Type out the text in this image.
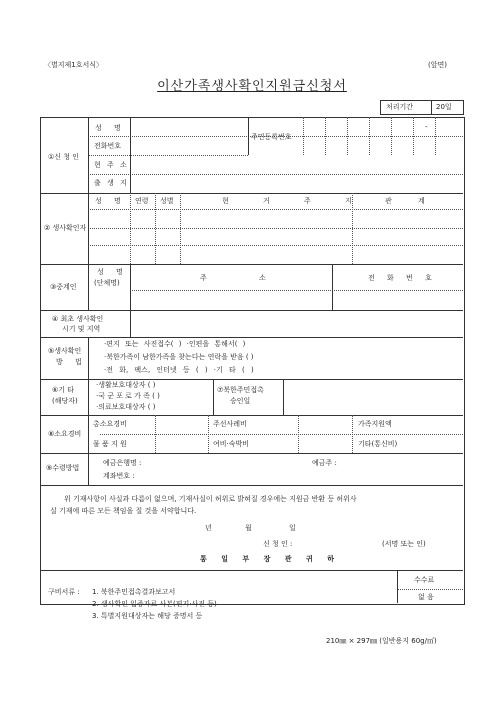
〈별지제1호서식〉	(앞면)
이산가족생사확인지원금신청서
처리기간	20일
①신 청 인
성 명
주민등록번호
-
전화번호
현 주 소
출 생 지
② 생사확인자
성 명 연령 성별	현 거 주 지	관 계
③중계인
성 명
(단체명)
주 소	전 화 번 호
④ 최초 생사확인
시기 및 지역
⑤생사확인
방 법
·편지 또는 사진접수( ) ·인편을 통해서( )
·북한가족이 남한가족을 찾는다는 연락을 받음 ( )
·전 화, 팩스, 인터넷 등 ( ) ·기 타 ( )
⑥기 타
(해당자)
·생활보호대상자 ( )
·국 군 포 로 가 족 ( )
·의료보호대상자 ( )
⑦북한주민접촉
승인일
⑧소요경비
총소요경비	주선사례비	가족지원액
물 품 지 원	여비·숙박비	기타(통신비)
⑨수령방법
예금은행명 :	예금주 :
계좌번호 :
위 기재사항이 사실과 다름이 없으며, 기재사실이 허위로 밝혀질 경우에는 지원금 반환 등 허위사
실 기재에 따른 모든 책임을 질 것을 서약합니다.
년	월	일
신 청 인 :	(서명 또는 인)
통 일 부 장 관 귀 하
구비서류 : 1. 북한주민접촉결과보고서
2. 생사확인 입증자료 사본(편지·사진 등)
3. 특별지원대상자는 해당 증명서 등
수수료
없 음
210㎜ × 297㎜ (일반용지 60g/㎡)
